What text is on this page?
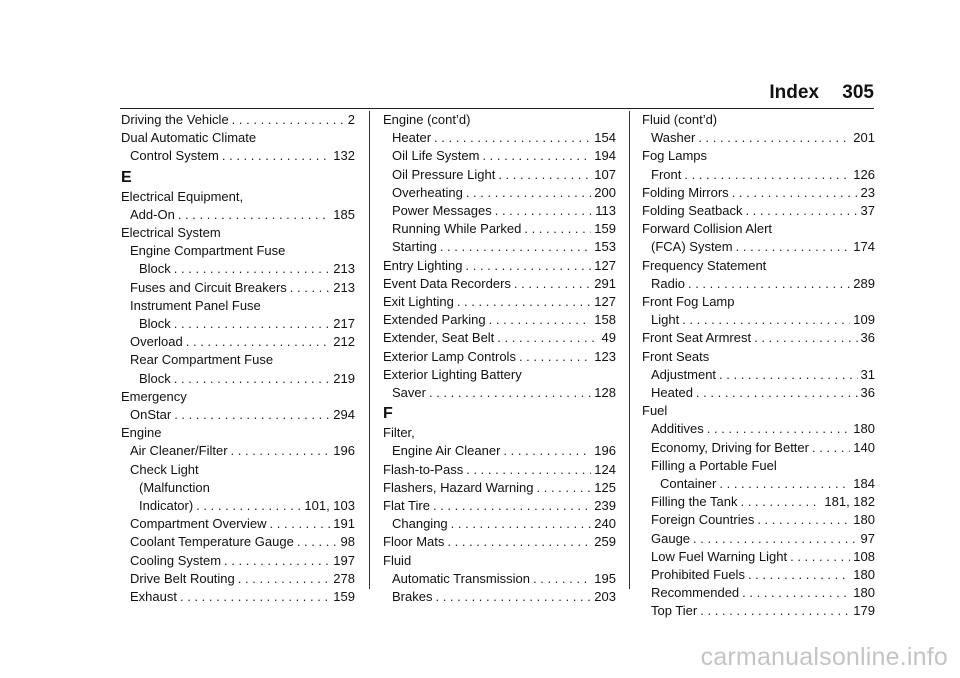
Index 305
Driving the Vehicle . . .	2
Dual Automatic Climate
Control System . . .	132
E
Electrical Equipment,
Add-On . . .	185
Electrical System
Engine Compartment Fuse
Block . . .	213
Fuses and Circuit Breakers . . .	213
Instrument Panel Fuse
Block . . .	217
Overload . . .	212
Rear Compartment Fuse
Block . . .	219
Emergency
OnStar . . .	294
Engine
Air Cleaner/Filter . . .	196
Check Light
(Malfunction
Indicator) . . .	101, 103
Compartment Overview . . .	191
Coolant Temperature Gauge . . .	98
Cooling System . . .	197
Drive Belt Routing . . .	278
Exhaust . . .	159
Engine (cont’d)
Heater . . .	154
Oil Life System . . .	194
Oil Pressure Light . . .	107
Overheating . . .	200
Power Messages . . .	113
Running While Parked . . .	159
Starting . . .	153
Entry Lighting . . .	127
Event Data Recorders . . .	291
Exit Lighting . . .	127
Extended Parking . . .	158
Extender, Seat Belt . . .	49
Exterior Lamp Controls . . .	123
Exterior Lighting Battery
Saver . . .	128
F
Filter,
Engine Air Cleaner . . .	196
Flash-to-Pass . . .	124
Flashers, Hazard Warning . . .	125
Flat Tire . . .	239
Changing . . .	240
Floor Mats . . .	259
Fluid
Automatic Transmission . . .	195
Brakes . . .	203
Fluid (cont’d)
Washer . . .	201
Fog Lamps
Front . . .	126
Folding Mirrors . . .	23
Folding Seatback . . .	37
Forward Collision Alert
(FCA) System . . .	174
Frequency Statement
Radio . . .	289
Front Fog Lamp
Light . . .	109
Front Seat Armrest . . .	36
Front Seats
Adjustment . . .	31
Heated . . .	36
Fuel
Additives . . .	180
Economy, Driving for Better . . .	140
Filling a Portable Fuel
Container . . .	184
Filling the Tank . . .	181, 182
Foreign Countries . . .	180
Gauge . . .	97
Low Fuel Warning Light . . .	108
Prohibited Fuels . . .	180
Recommended . . .	180
Top Tier . . .	179
carmanualsonline.info
